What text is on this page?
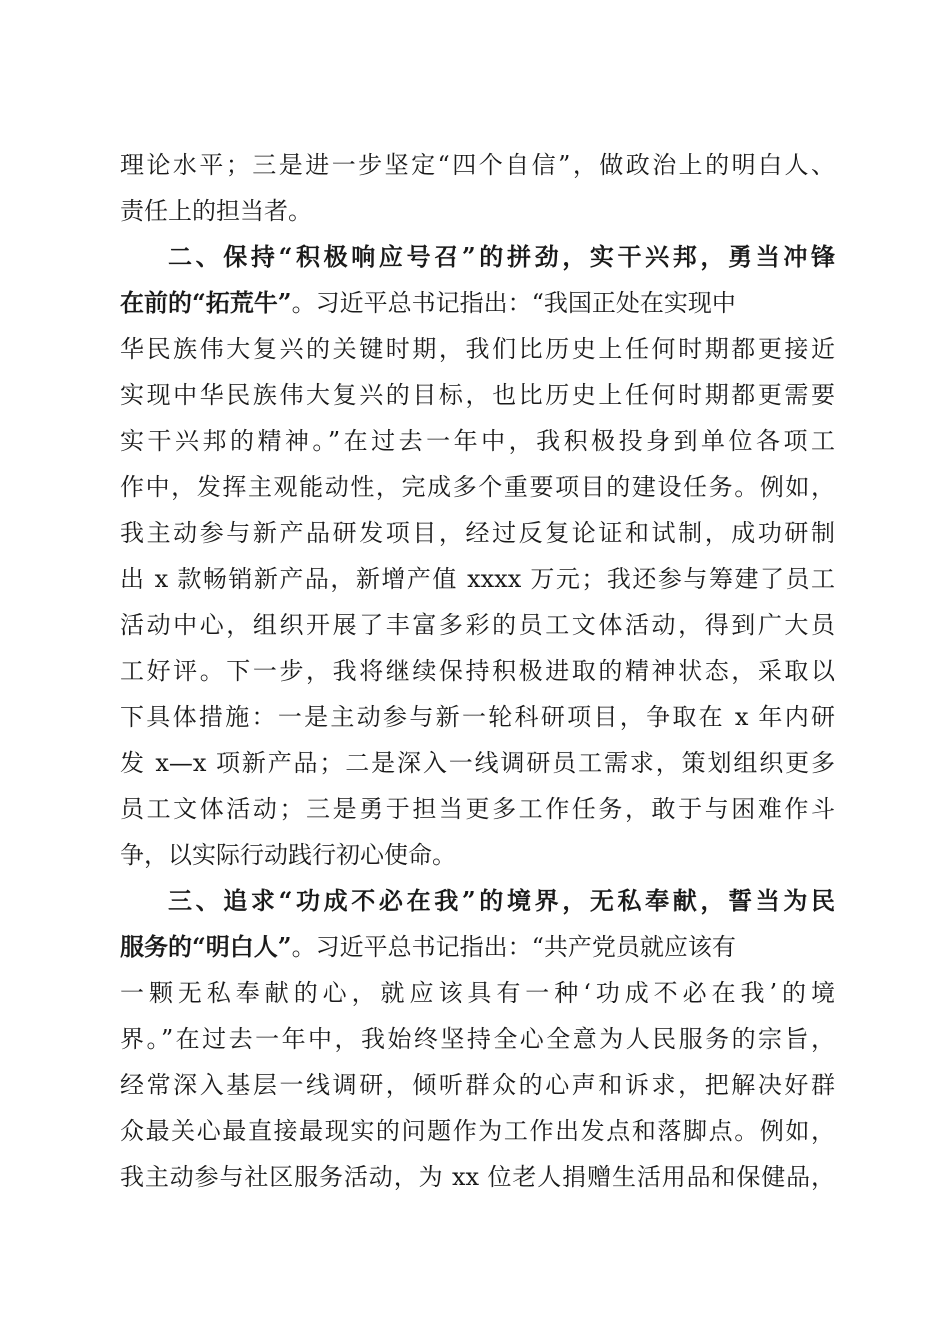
理论水平；三是进一步坚定“四个自信”，做政治上的明白人、
责任上的担当者。
二、保持“积极响应号召”的拼劲，实干兴邦，勇当冲锋
在前的“拓荒牛”。习近平总书记指出：“我国正处在实现中
华民族伟大复兴的关键时期，我们比历史上任何时期都更接近
实现中华民族伟大复兴的目标，也比历史上任何时期都更需要
实干兴邦的精神。”在过去一年中，我积极投身到单位各项工
作中，发挥主观能动性，完成多个重要项目的建设任务。例如，
我主动参与新产品研发项目，经过反复论证和试制，成功研制
出 x 款畅销新产品，新增产值 xxxx 万元；我还参与筹建了员工
活动中心，组织开展了丰富多彩的员工文体活动，得到广大员
工好评。下一步，我将继续保持积极进取的精神状态，采取以
下具体措施：一是主动参与新一轮科研项目，争取在 x 年内研
发 x—x 项新产品；二是深入一线调研员工需求，策划组织更多
员工文体活动；三是勇于担当更多工作任务，敢于与困难作斗
争，以实际行动践行初心使命。
三、追求“功成不必在我”的境界，无私奉献，誓当为民
服务的“明白人”。习近平总书记指出：“共产党员就应该有
一颗无私奉献的心，就应该具有一种‘功成不必在我’的境
界。”在过去一年中，我始终坚持全心全意为人民服务的宗旨，
经常深入基层一线调研，倾听群众的心声和诉求，把解决好群
众最关心最直接最现实的问题作为工作出发点和落脚点。例如，
我主动参与社区服务活动，为 xx 位老人捐赠生活用品和保健品，
